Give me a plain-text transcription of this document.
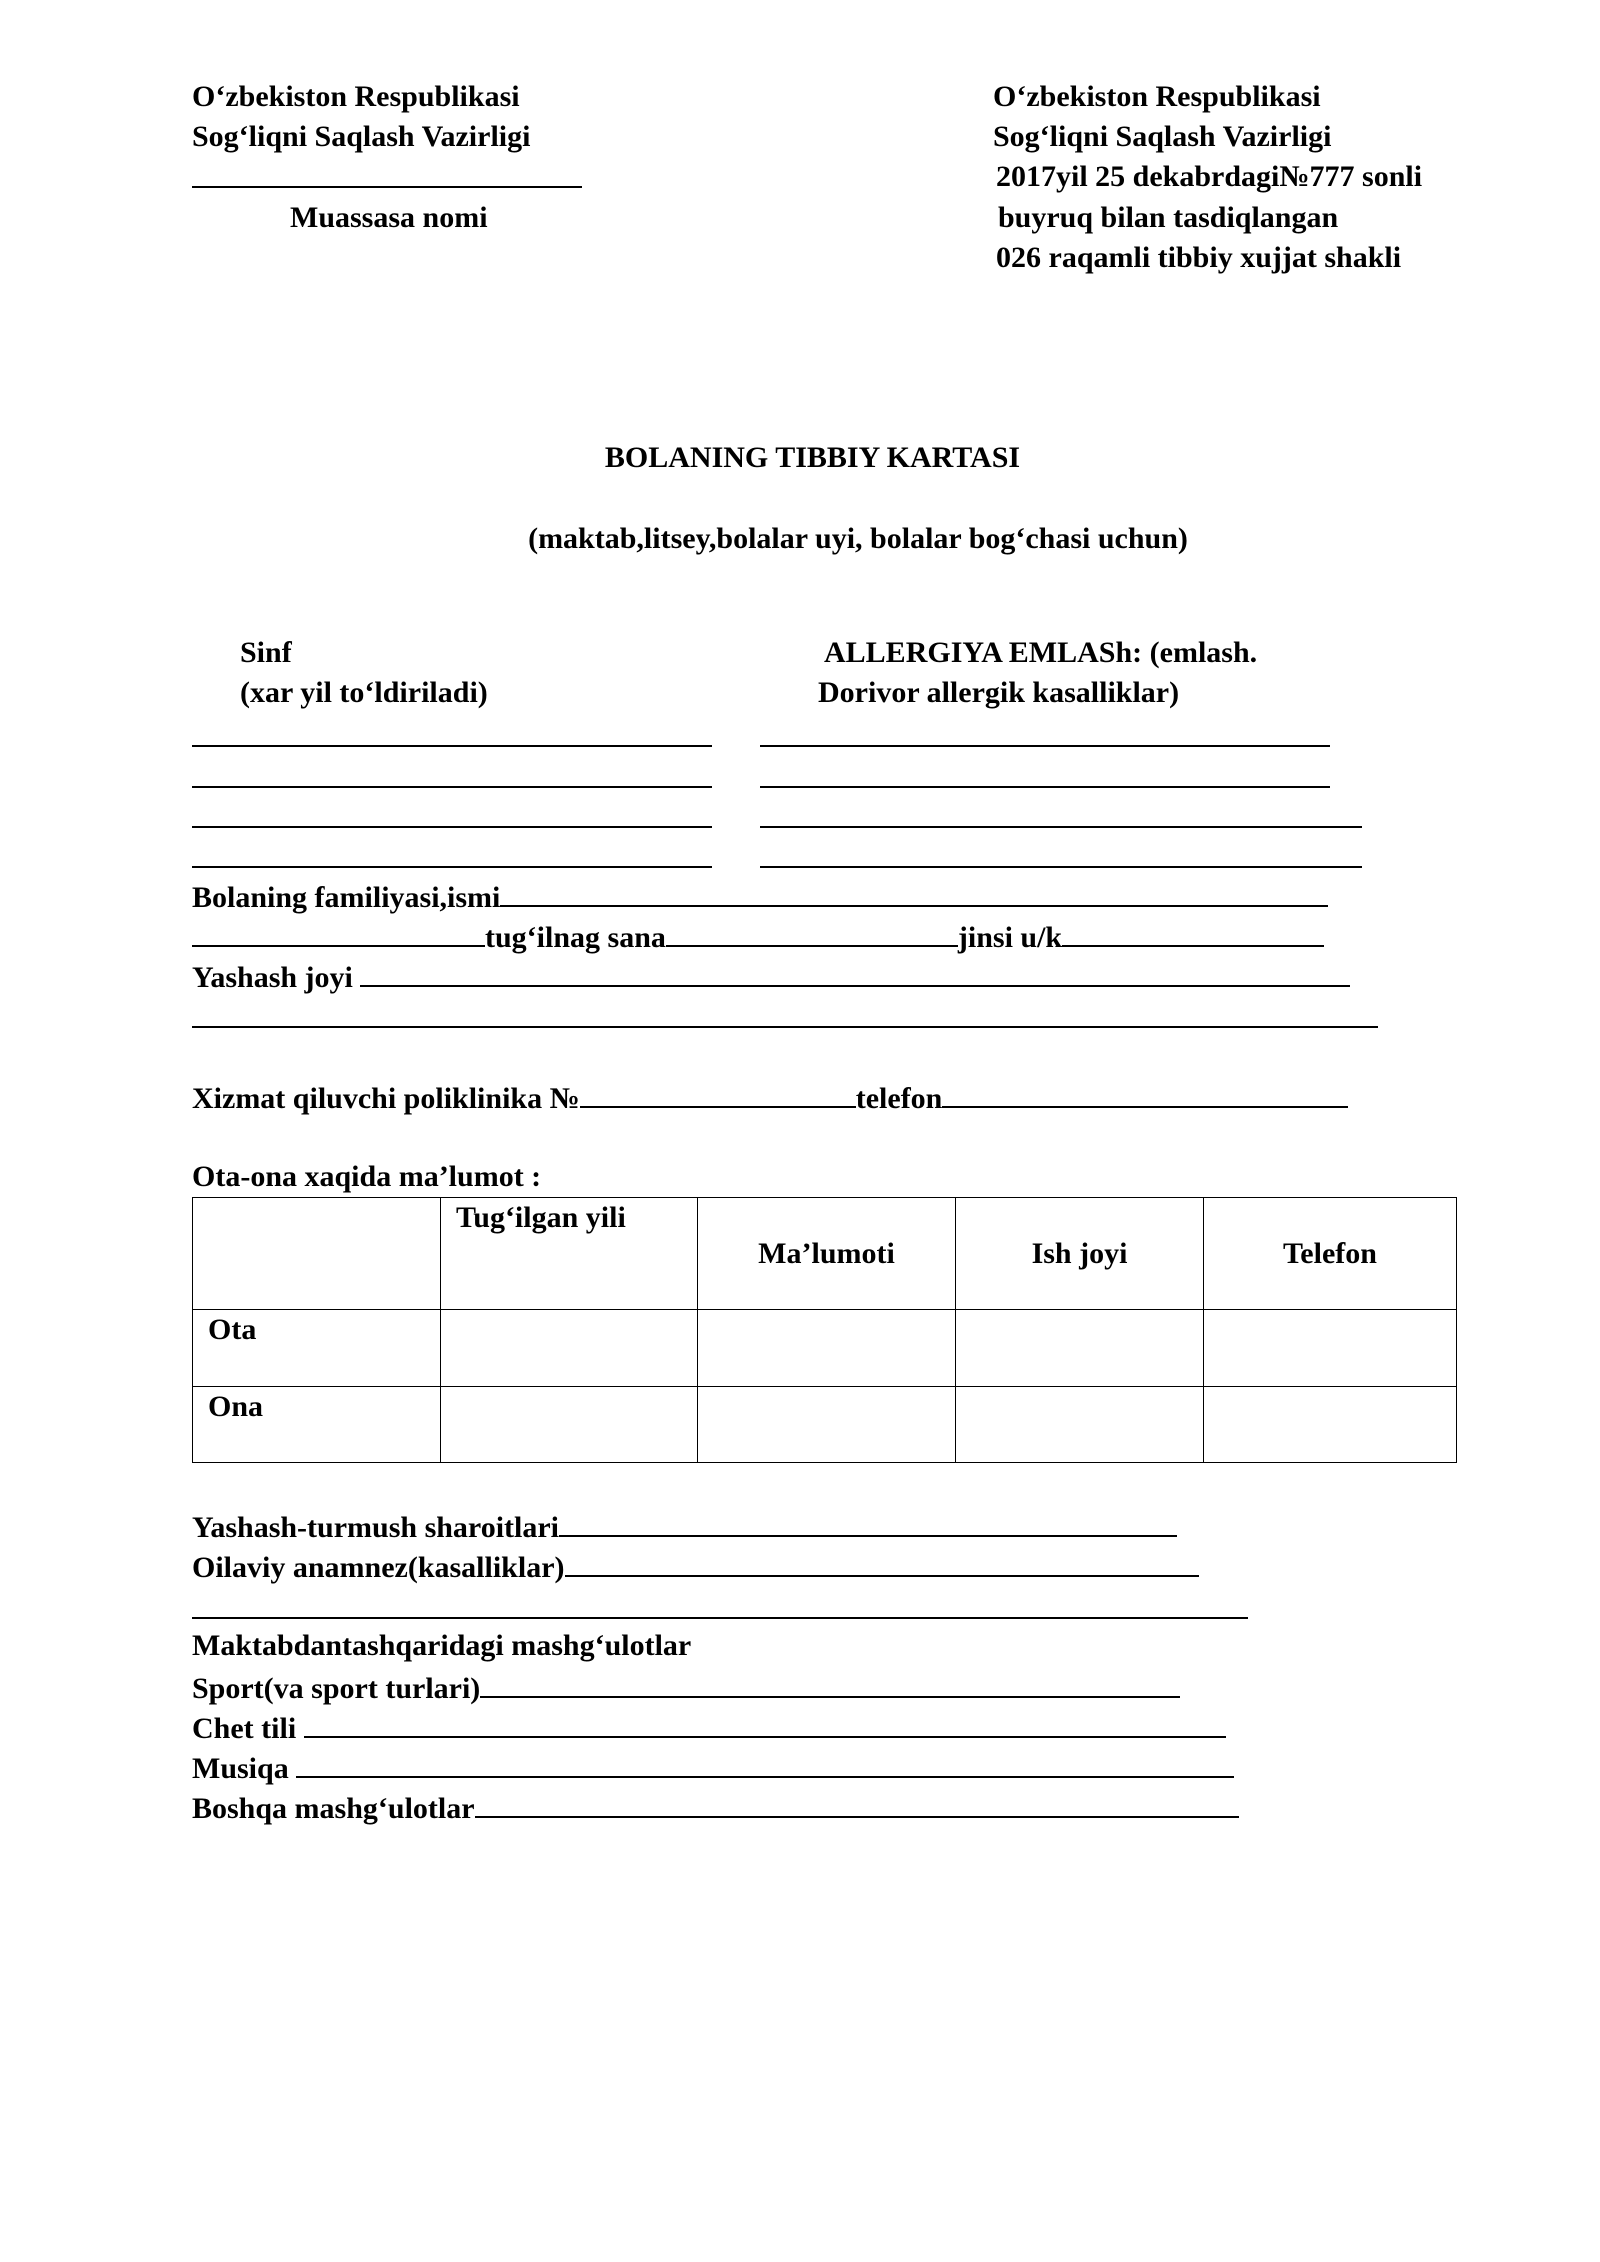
O‘zbekiston Respublikasi
Sog‘liqni Saqlash Vazirligi
Muassasa nomi
O‘zbekiston Respublikasi
Sog‘liqni Saqlash Vazirligi
2017yil 25 dekabrdagi№777 sonli
buyruq bilan tasdiqlangan
026 raqamli tibbiy xujjat shakli
BOLANING TIBBIY KARTASI
(maktab,litsey,bolalar uyi, bolalar bog‘chasi uchun)
Sinf
(xar yil to‘ldiriladi)
ALLERGIYA EMLASh: (emlash.
Dorivor allergik kasalliklar)
Bolaning familiyasi,ismi
tug‘ilnag sana	jinsi u/k
Yashash joyi
Xizmat qiluvchi poliklinika №	telefon
Ota-ona xaqida ma’lumot :
	Tug‘ilgan yili	Ma’lumoti	Ish joyi	Telefon
Ota				
Ona				
Yashash-turmush sharoitlari
Oilaviy anamnez(kasalliklar)
Maktabdantashqaridagi mashg‘ulotlar
Sport(va sport turlari)
Chet tili
Musiqa
Boshqa mashg‘ulotlar
